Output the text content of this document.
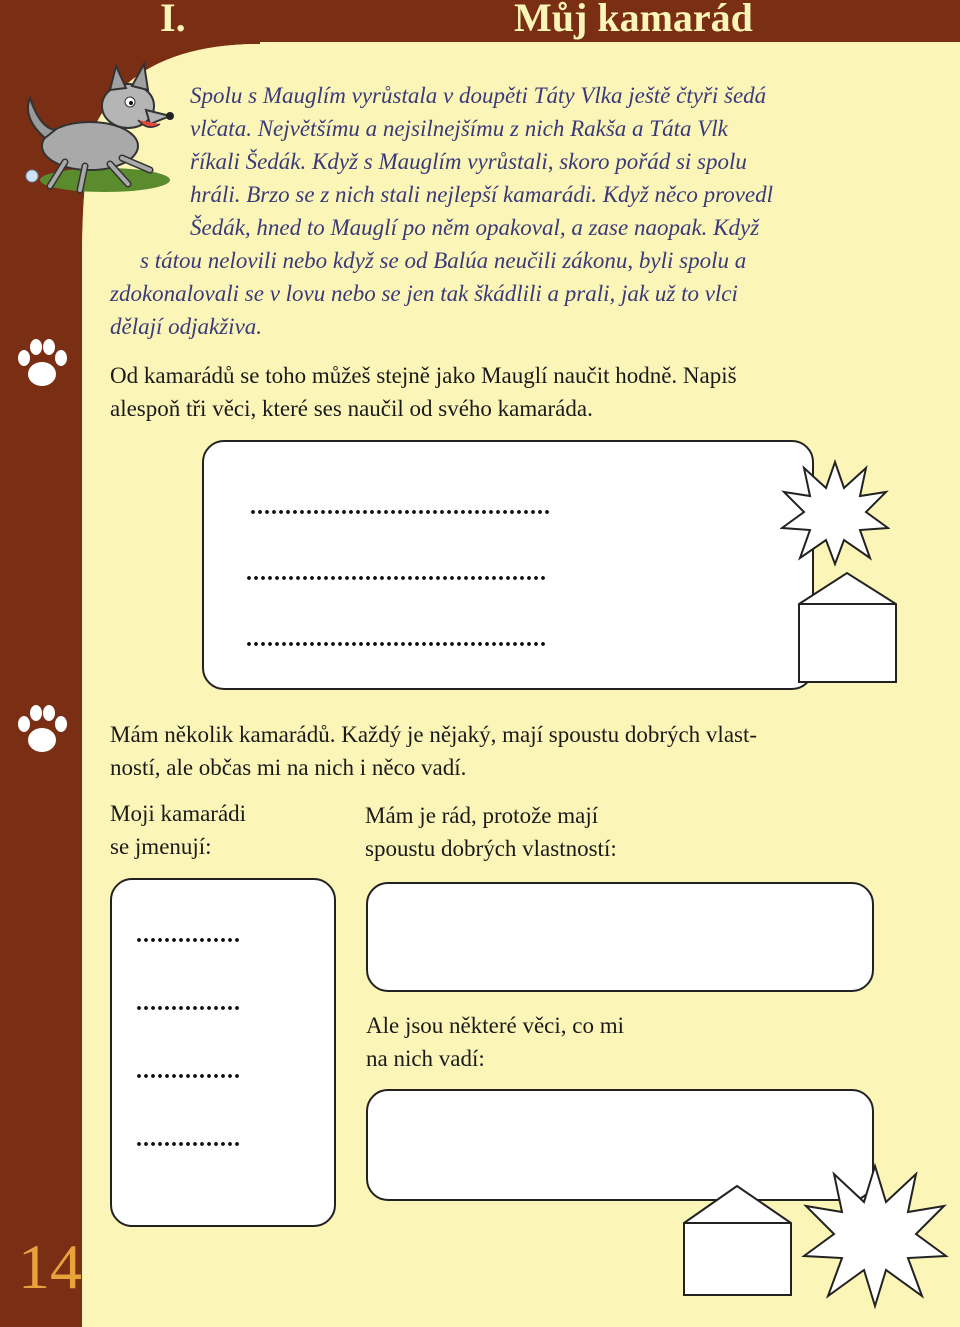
I.	Můj kamarád
Spolu s Mauglím vyrůstala v doupěti Táty Vlka ještě čtyři šedá
vlčata. Největšímu a nejsilnejšímu z nich Rakša a Táta Vlk
říkali Šedák. Když s Mauglím vyrůstali, skoro pořád si spolu
hráli. Brzo se z nich stali nejlepší kamarádi. Když něco provedl
Šedák, hned to Mauglí po něm opakoval, a zase naopak. Když
s tátou nelovili nebo když se od Balúa neučili zákonu, byli spolu a
zdokonalovali se v lovu nebo se jen tak škádlili a prali, jak už to vlci
dělají odjakživa.
Od kamarádů se toho můžeš stejně jako Mauglí naučit hodně. Napiš
alespoň tři věci, které ses naučil od svého kamaráda.
...........................................
...........................................
...........................................
Mám několik kamarádů. Každý je nějaký, mají spoustu dobrých vlast-
ností, ale občas mi na nich i něco vadí.
Moji kamarádi
se jmenují:
Mám je rád, protože mají
spoustu dobrých vlastností:
...............
...............
...............
...............
Ale jsou některé věci, co mi
na nich vadí:
14
